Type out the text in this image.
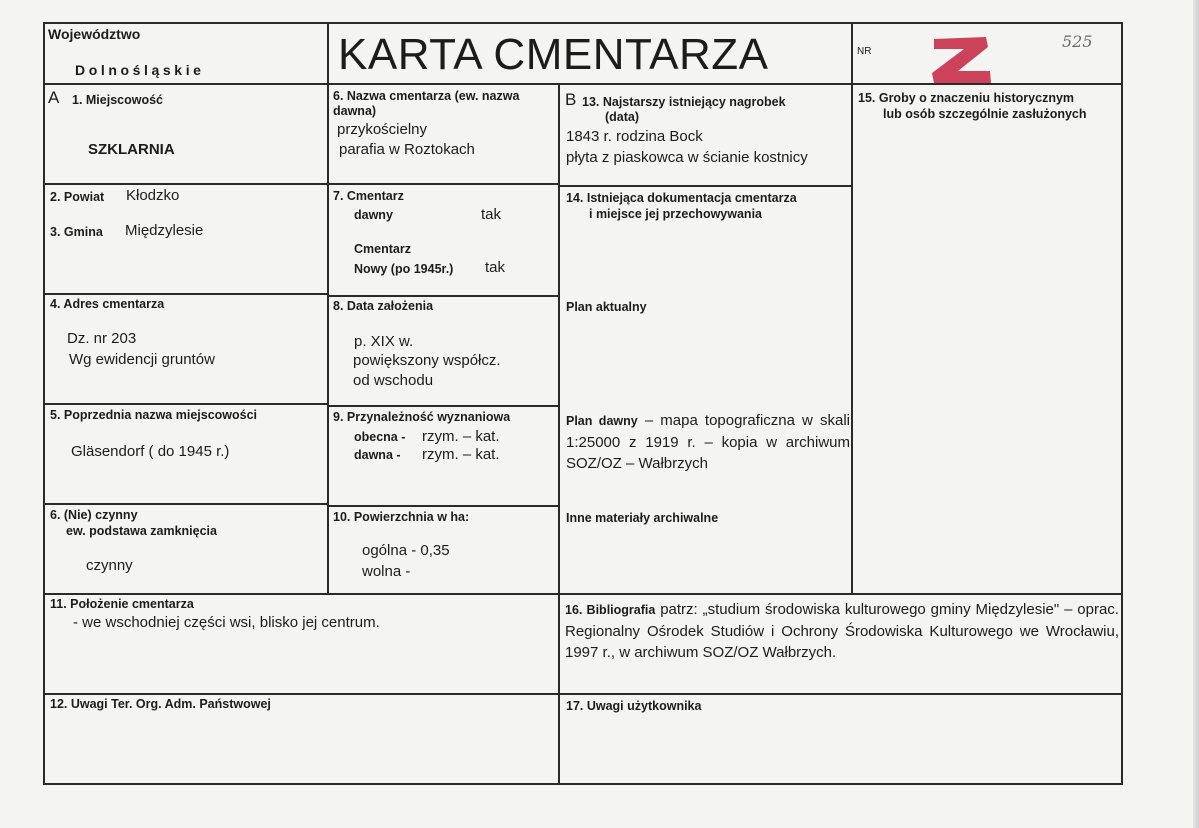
Województwo
Dolnośląskie	KARTA CMENTARZA	NR
525
A 1. Miejscowość
SZKLARNIA
2. Powiat Kłodzko
3. Gmina Międzylesie
4. Adres cmentarza
Dz. nr 203
Wg ewidencji gruntów
5. Poprzednia nazwa miejscowości
Gläsendorf ( do 1945 r.)
6. (Nie) czynny
ew. podstawa zamknięcia
czynny
6. Nazwa cmentarza (ew. nazwa
dawna)
przykościelny
parafia w Roztokach
7. Cmentarz
dawny	tak
Cmentarz
Nowy (po 1945r.) tak
8. Data założenia
p. XIX w.
powiększony współcz.
od wschodu
9. Przynależność wyznaniowa
obecna - rzym. – kat.
dawna - rzym. – kat.
10. Powierzchnia w ha:
ogólna - 0,35
wolna -
B 13. Najstarszy istniejący nagrobek
(data)
1843 r. rodzina Bock
płyta z piaskowca w ścianie kostnicy
14. Istniejąca dokumentacja cmentarza
i miejsce jej przechowywania
Plan aktualny
Plan dawny – mapa topograficzna w skali 1:25000 z 1919 r. – kopia w archiwum SOZ/OZ – Wałbrzych
Inne materiały archiwalne
15. Groby o znaczeniu historycznym
lub osób szczególnie zasłużonych
11. Położenie cmentarza
- we wschodniej części wsi, blisko jej centrum.
16. Bibliografia patrz: „studium środowiska kulturowego gminy Międzylesie" – oprac. Regionalny Ośrodek Studiów i Ochrony Środowiska Kulturowego we Wrocławiu, 1997 r., w archiwum SOZ/OZ Wałbrzych.
12. Uwagi Ter. Org. Adm. Państwowej	17. Uwagi użytkownika
